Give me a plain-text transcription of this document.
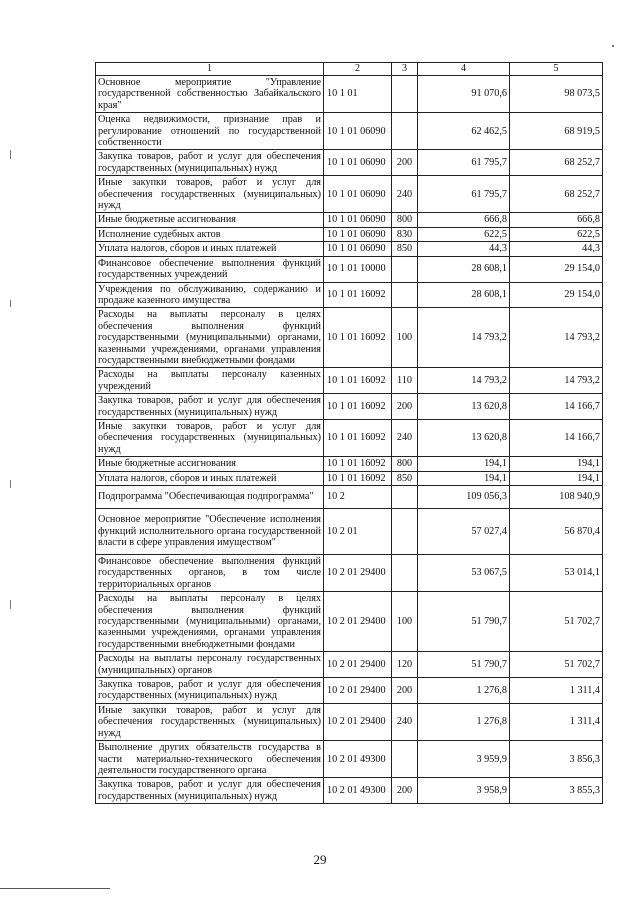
1	2	3	4	5
Основное мероприятие "Управление государственной собственностью Забайкальского края"	10 1 01		91 070,6	98 073,5
Оценка недвижимости, признание прав и регулирование отношений по государственной собственности	10 1 01 06090		62 462,5	68 919,5
Закупка товаров, работ и услуг для обеспечения государственных (муниципальных) нужд	10 1 01 06090	200	61 795,7	68 252,7
Иные закупки товаров, работ и услуг для обеспечения государственных (муниципальных) нужд	10 1 01 06090	240	61 795,7	68 252,7
Иные бюджетные ассигнования	10 1 01 06090	800	666,8	666,8
Исполнение судебных актов	10 1 01 06090	830	622,5	622,5
Уплата налогов, сборов и иных платежей	10 1 01 06090	850	44,3	44,3
Финансовое обеспечение выполнения функций государственных учреждений	10 1 01 10000		28 608,1	29 154,0
Учреждения по обслуживанию, содержанию и продаже казенного имущества	10 1 01 16092		28 608,1	29 154,0
Расходы на выплаты персоналу в целях обеспечения выполнения функций государственными (муниципальными) органами, казенными учреждениями, органами управления государственными внебюджетными фондами	10 1 01 16092	100	14 793,2	14 793,2
Расходы на выплаты персоналу казенных учреждений	10 1 01 16092	110	14 793,2	14 793,2
Закупка товаров, работ и услуг для обеспечения государственных (муниципальных) нужд	10 1 01 16092	200	13 620,8	14 166,7
Иные закупки товаров, работ и услуг для обеспечения государственных (муниципальных) нужд	10 1 01 16092	240	13 620,8	14 166,7
Иные бюджетные ассигнования	10 1 01 16092	800	194,1	194,1
Уплата налогов, сборов и иных платежей	10 1 01 16092	850	194,1	194,1
Подпрограмма "Обеспечивающая подпрограмма"	10 2		109 056,3	108 940,9
Основное мероприятие "Обеспечение исполнения функций исполнительного органа государственной власти в сфере управления имуществом"	10 2 01		57 027,4	56 870,4
Финансовое обеспечение выполнения функций государственных органов, в том числе территориальных органов	10 2 01 29400		53 067,5	53 014,1
Расходы на выплаты персоналу в целях обеспечения выполнения функций государственными (муниципальными) органами, казенными учреждениями, органами управления государственными внебюджетными фондами	10 2 01 29400	100	51 790,7	51 702,7
Расходы на выплаты персоналу государственных (муниципальных) органов	10 2 01 29400	120	51 790,7	51 702,7
Закупка товаров, работ и услуг для обеспечения государственных (муниципальных) нужд	10 2 01 29400	200	1 276,8	1 311,4
Иные закупки товаров, работ и услуг для обеспечения государственных (муниципальных) нужд	10 2 01 29400	240	1 276,8	1 311,4
Выполнение других обязательств государства в части материально-технического обеспечения деятельности государственного органа	10 2 01 49300		3 959,9	3 856,3
Закупка товаров, работ и услуг для обеспечения государственных (муниципальных) нужд	10 2 01 49300	200	3 958,9	3 855,3
29
